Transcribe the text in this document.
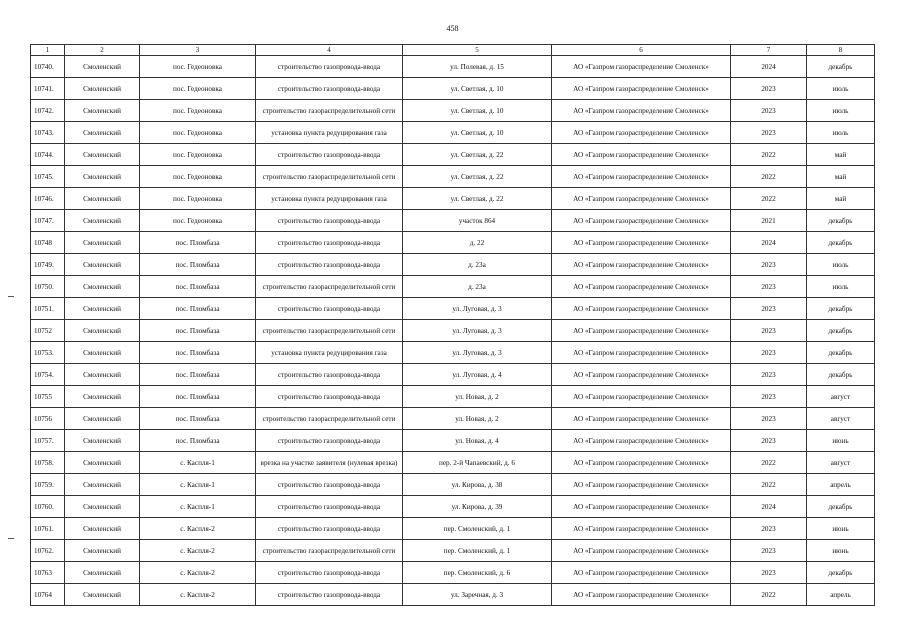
458
1	2	3	4	5	6	7	8
10740.	Смоленский	пос. Гедеоновка	строительство газопровода-ввода	ул. Полевая, д. 15	АО «Газпром газораспределение Смоленск»	2024	декабрь
10741.	Смоленский	пос. Гедеоновка	строительство газопровода-ввода	ул. Светлая, д. 10	АО «Газпром газораспределение Смоленск»	2023	июль
10742.	Смоленский	пос. Гедеоновка	строительство газораспределительной сети	ул. Светлая, д. 10	АО «Газпром газораспределение Смоленск»	2023	июль
10743.	Смоленский	пос. Гедеоновка	установка пункта редуцирования газа	ул. Светлая, д. 10	АО «Газпром газораспределение Смоленск»	2023	июль
10744.	Смоленский	пос. Гедеоновка	строительство газопровода-ввода	ул. Светлая, д. 22	АО «Газпром газораспределение Смоленск»	2022	май
10745.	Смоленский	пос. Гедеоновка	строительство газораспределительной сети	ул. Светлая, д. 22	АО «Газпром газораспределение Смоленск»	2022	май
10746.	Смоленский	пос. Гедеоновка	установка пункта редуцирования газа	ул. Светлая, д. 22	АО «Газпром газораспределение Смоленск»	2022	май
10747.	Смоленский	пос. Гедеоновка	строительство газопровода-ввода	участок 864	АО «Газпром газораспределение Смоленск»	2021	декабрь
10748	Смоленский	пос. Пломбаза	строительство газопровода-ввода	д. 22	АО «Газпром газораспределение Смоленск»	2024	декабрь
10749.	Смоленский	пос. Пломбаза	строительство газопровода-ввода	д. 23а	АО «Газпром газораспределение Смоленск»	2023	июль
10750.	Смоленский	пос. Пломбаза	строительство газораспределительной сети	д. 23а	АО «Газпром газораспределение Смоленск»	2023	июль
10751.	Смоленский	пос. Пломбаза	строительство газопровода-ввода	ул. Луговая, д. 3	АО «Газпром газораспределение Смоленск»	2023	декабрь
10752	Смоленский	пос. Пломбаза	строительство газораспределительной сети	ул. Луговая, д. 3	АО «Газпром газораспределение Смоленск»	2023	декабрь
10753.	Смоленский	пос. Пломбаза	установка пункта редуцирования газа	ул. Луговая, д. 3	АО «Газпром газораспределение Смоленск»	2023	декабрь
10754.	Смоленский	пос. Пломбаза	строительство газопровода-ввода	ул. Луговая, д. 4	АО «Газпром газораспределение Смоленск»	2023	декабрь
10755	Смоленский	пос. Пломбаза	строительство газопровода-ввода	ул. Новая, д. 2	АО «Газпром газораспределение Смоленск»	2023	август
10756	Смоленский	пос. Пломбаза	строительство газораспределительной сети	ул. Новая, д. 2	АО «Газпром газораспределение Смоленск»	2023	август
10757.	Смоленский	пос. Пломбаза	строительство газопровода-ввода	ул. Новая, д. 4	АО «Газпром газораспределение Смоленск»	2023	июнь
10758.	Смоленский	с. Каспля-1	врезка на участке заявителя (нулевая врезка)	пер. 2-й Чапаевский, д. 6	АО «Газпром газораспределение Смоленск»	2022	август
10759.	Смоленский	с. Каспля-1	строительство газопровода-ввода	ул. Кирова, д. 38	АО «Газпром газораспределение Смоленск»	2022	апрель
10760.	Смоленский	с. Каспля-1	строительство газопровода-ввода	ул. Кирова, д. 39	АО «Газпром газораспределение Смоленск»	2024	декабрь
10761.	Смоленский	с. Каспля-2	строительство газопровода-ввода	пер. Смоленский, д. 1	АО «Газпром газораспределение Смоленск»	2023	июнь
10762.	Смоленский	с. Каспля-2	строительство газораспределительной сети	пер. Смоленский, д. 1	АО «Газпром газораспределение Смоленск»	2023	июнь
10763	Смоленский	с. Каспля-2	строительство газопровода-ввода	пер. Смоленский, д. 6	АО «Газпром газораспределение Смоленск»	2023	декабрь
10764	Смоленский	с. Каспля-2	строительство газопровода-ввода	ул. Заречная, д. 3	АО «Газпром газораспределение Смоленск»	2022	апрель
